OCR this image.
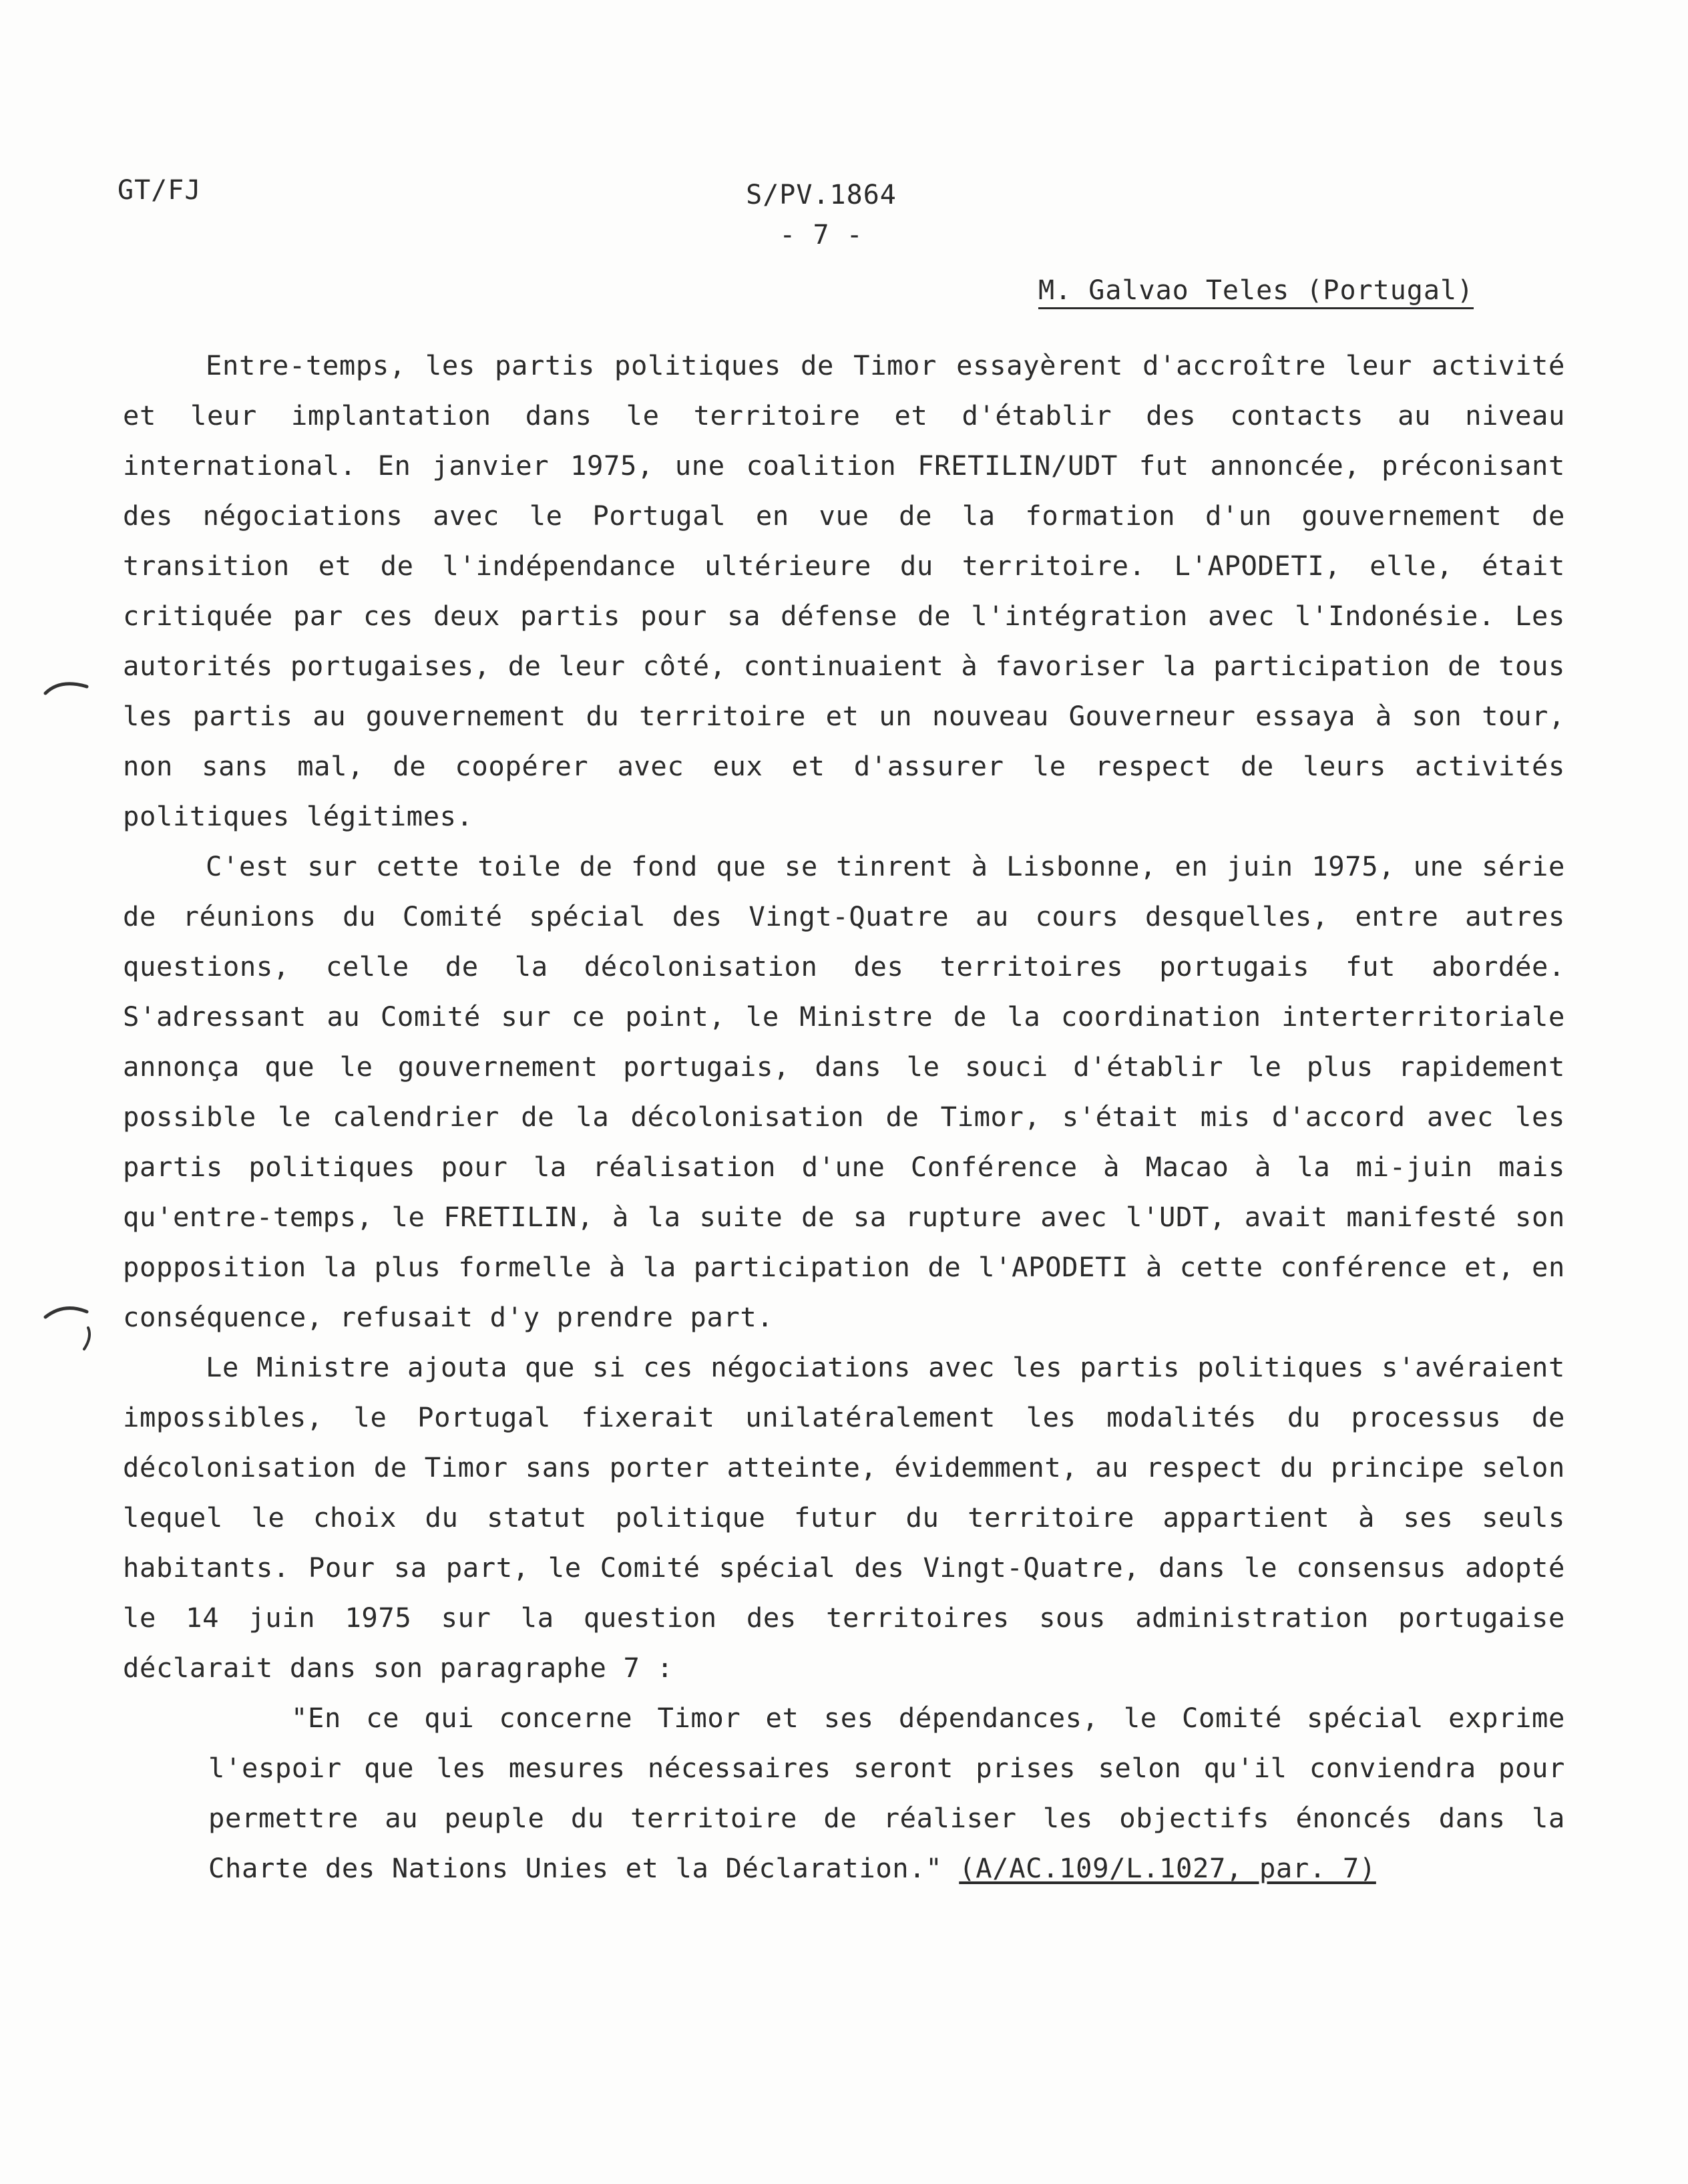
GT/FJ	S/PV.1864
- 7 -
M. Galvao Teles (Portugal)

Entre-temps, les partis politiques de Timor essayèrent d'accroître leur activité et leur implantation dans le territoire et d'établir des contacts au niveau international. En janvier 1975, une coalition FRETILIN/UDT fut annoncée, préconisant des négociations avec le Portugal en vue de la formation d'un gouvernement de transition et de l'indépendance ultérieure du territoire. L'APODETI, elle, était critiquée par ces deux partis pour sa défense de l'intégration avec l'Indonésie. Les autorités portugaises, de leur côté, continuaient à favoriser la participation de tous les partis au gouvernement du territoire et un nouveau Gouverneur essaya à son tour, non sans mal, de coopérer avec eux et d'assurer le respect de leurs activités politiques légitimes.

C'est sur cette toile de fond que se tinrent à Lisbonne, en juin 1975, une série de réunions du Comité spécial des Vingt-Quatre au cours desquelles, entre autres questions, celle de la décolonisation des territoires portugais fut abordée. S'adressant au Comité sur ce point, le Ministre de la coordination interterritoriale annonça que le gouvernement portugais, dans le souci d'établir le plus rapidement possible le calendrier de la décolonisation de Timor, s'était mis d'accord avec les partis politiques pour la réalisation d'une Conférence à Macao à la mi-juin mais qu'entre-temps, le FRETILIN, à la suite de sa rupture avec l'UDT, avait manifesté son popposition la plus formelle à la participation de l'APODETI à cette conférence et, en conséquence, refusait d'y prendre part.

Le Ministre ajouta que si ces négociations avec les partis politiques s'avéraient impossibles, le Portugal fixerait unilatéralement les modalités du processus de décolonisation de Timor sans porter atteinte, évidemment, au respect du principe selon lequel le choix du statut politique futur du territoire appartient à ses seuls habitants. Pour sa part, le Comité spécial des Vingt-Quatre, dans le consensus adopté le 14 juin 1975 sur la question des territoires sous administration portugaise déclarait dans son paragraphe 7 :

"En ce qui concerne Timor et ses dépendances, le Comité spécial exprime l'espoir que les mesures nécessaires seront prises selon qu'il conviendra pour permettre au peuple du territoire de réaliser les objectifs énoncés dans la Charte des Nations Unies et la Déclaration." (A/AC.109/L.1027, par. 7)
